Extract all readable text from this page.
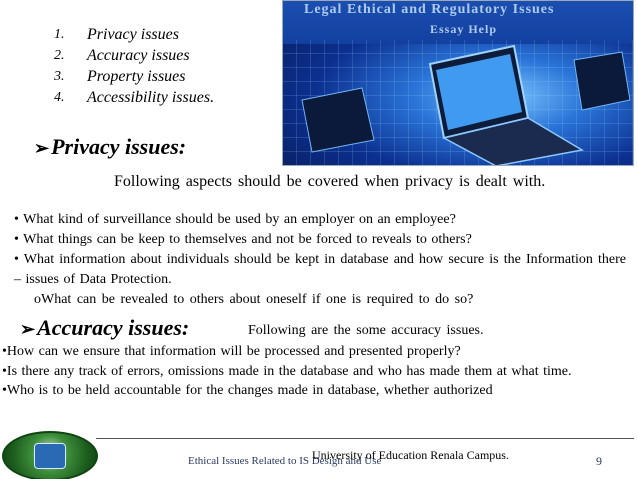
1.	Privacy issues
2.	Accuracy issues
3.	Property issues
4.	Accessibility issues.
Legal Ethical and Regulatory Issues
Essay Help
➢Privacy issues:
Following aspects should be covered when privacy is dealt with.
• What kind of surveillance should be used by an employer on an employee?
• What things can be keep to themselves and not be forced to reveals to others?
• What information about individuals should be kept in database and how secure is the Information there – issues of Data Protection.
oWhat can be revealed to others about oneself if one is required to do so?
➢Accuracy issues:	Following are the some accuracy issues.
•How can we ensure that information will be processed and presented properly?
•Is there any track of errors, omissions made in the database and who has made them at what time.
•Who is to be held accountable for the changes made in database, whether authorized
Ethical Issues Related to IS Design and Use
University of Education Renala Campus.	9
